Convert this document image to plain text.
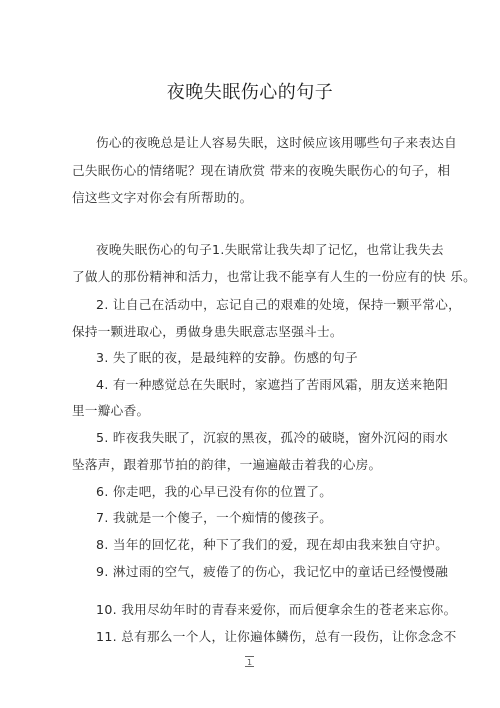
夜晚失眠伤心的句子
伤心的夜晚总是让人容易失眠，这时候应该用哪些句子来表达自
己失眠伤心的情绪呢？现在请欣赏 带来的夜晚失眠伤心的句子，相
信这些文字对你会有所帮助的。
夜晚失眠伤心的句子1.失眠常让我失却了记忆，也常让我失去
了做人的那份精神和活力，也常让我不能享有人生的一份应有的快 乐。
2. 让自己在活动中，忘记自己的艰难的处境，保持一颗平常心，
保持一颗进取心，勇做身患失眠意志坚强斗士。
3. 失了眠的夜，是最纯粹的安静。伤感的句子
4. 有一种感觉总在失眠时，家遮挡了苦雨风霜，朋友送来艳阳
里一瓣心香。
5. 昨夜我失眠了，沉寂的黑夜，孤冷的破晓，窗外沉闷的雨水
坠落声，跟着那节拍的韵律，一遍遍敲击着我的心房。
6. 你走吧，我的心早已没有你的位置了。
7. 我就是一个傻子，一个痴情的傻孩子。
8. 当年的回忆花，种下了我们的爱，现在却由我来独自守护。
9. 淋过雨的空气，疲倦了的伤心，我记忆中的童话已经慢慢融
10. 我用尽幼年时的青春来爱你，而后便拿余生的苍老来忘你。
11. 总有那么一个人，让你遍体鳞伤，总有一段伤，让你念念不
1
